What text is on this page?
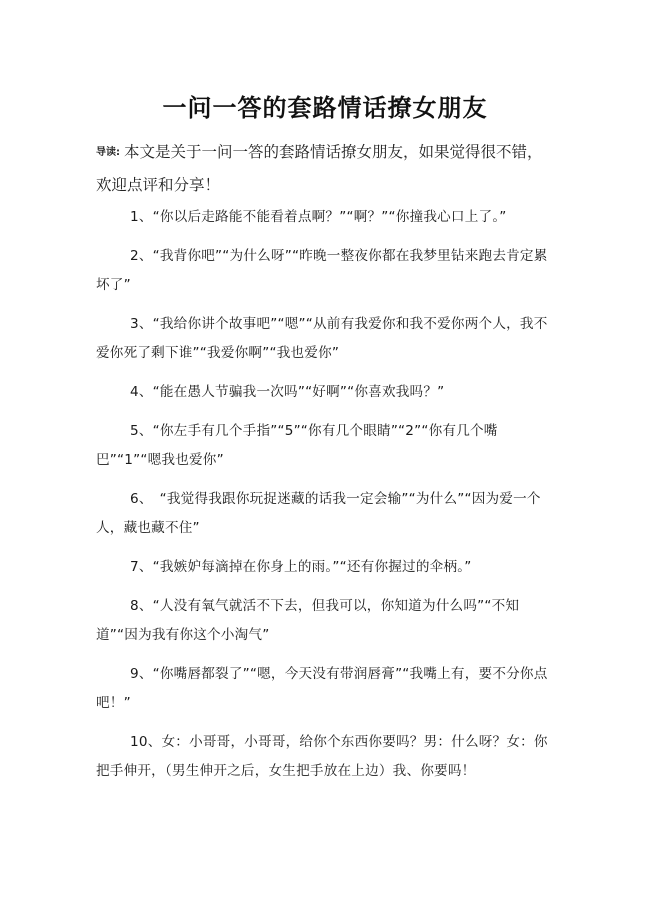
一问一答的套路情话撩女朋友
导读: 本文是关于一问一答的套路情话撩女朋友，如果觉得很不错，欢迎点评和分享！

1、“你以后走路能不能看着点啊？”“啊？”“你撞我心口上了。”

2、“我背你吧”“为什么呀”“昨晚一整夜你都在我梦里钻来跑去肯定累坏了”

3、“我给你讲个故事吧”“嗯”“从前有我爱你和我不爱你两个人，我不爱你死了剩下谁”“我爱你啊”“我也爱你”

4、“能在愚人节骗我一次吗”“好啊”“你喜欢我吗？”

5、“你左手有几个手指”“5”“你有几个眼睛”“2”“你有几个嘴巴”“1”“嗯我也爱你”

6、　“我觉得我跟你玩捉迷藏的话我一定会输”“为什么”“因为爱一个人，藏也藏不住”

7、“我嫉妒每滴掉在你身上的雨。”“还有你握过的伞柄。”

8、“人没有氧气就活不下去，但我可以，你知道为什么吗”“不知道”“因为我有你这个小淘气”

9、“你嘴唇都裂了”“嗯，今天没有带润唇膏”“我嘴上有，要不分你点吧！”

10、女：小哥哥，小哥哥，给你个东西你要吗？男：什么呀？女：你把手伸开，（男生伸开之后，女生把手放在上边）我、你要吗！
